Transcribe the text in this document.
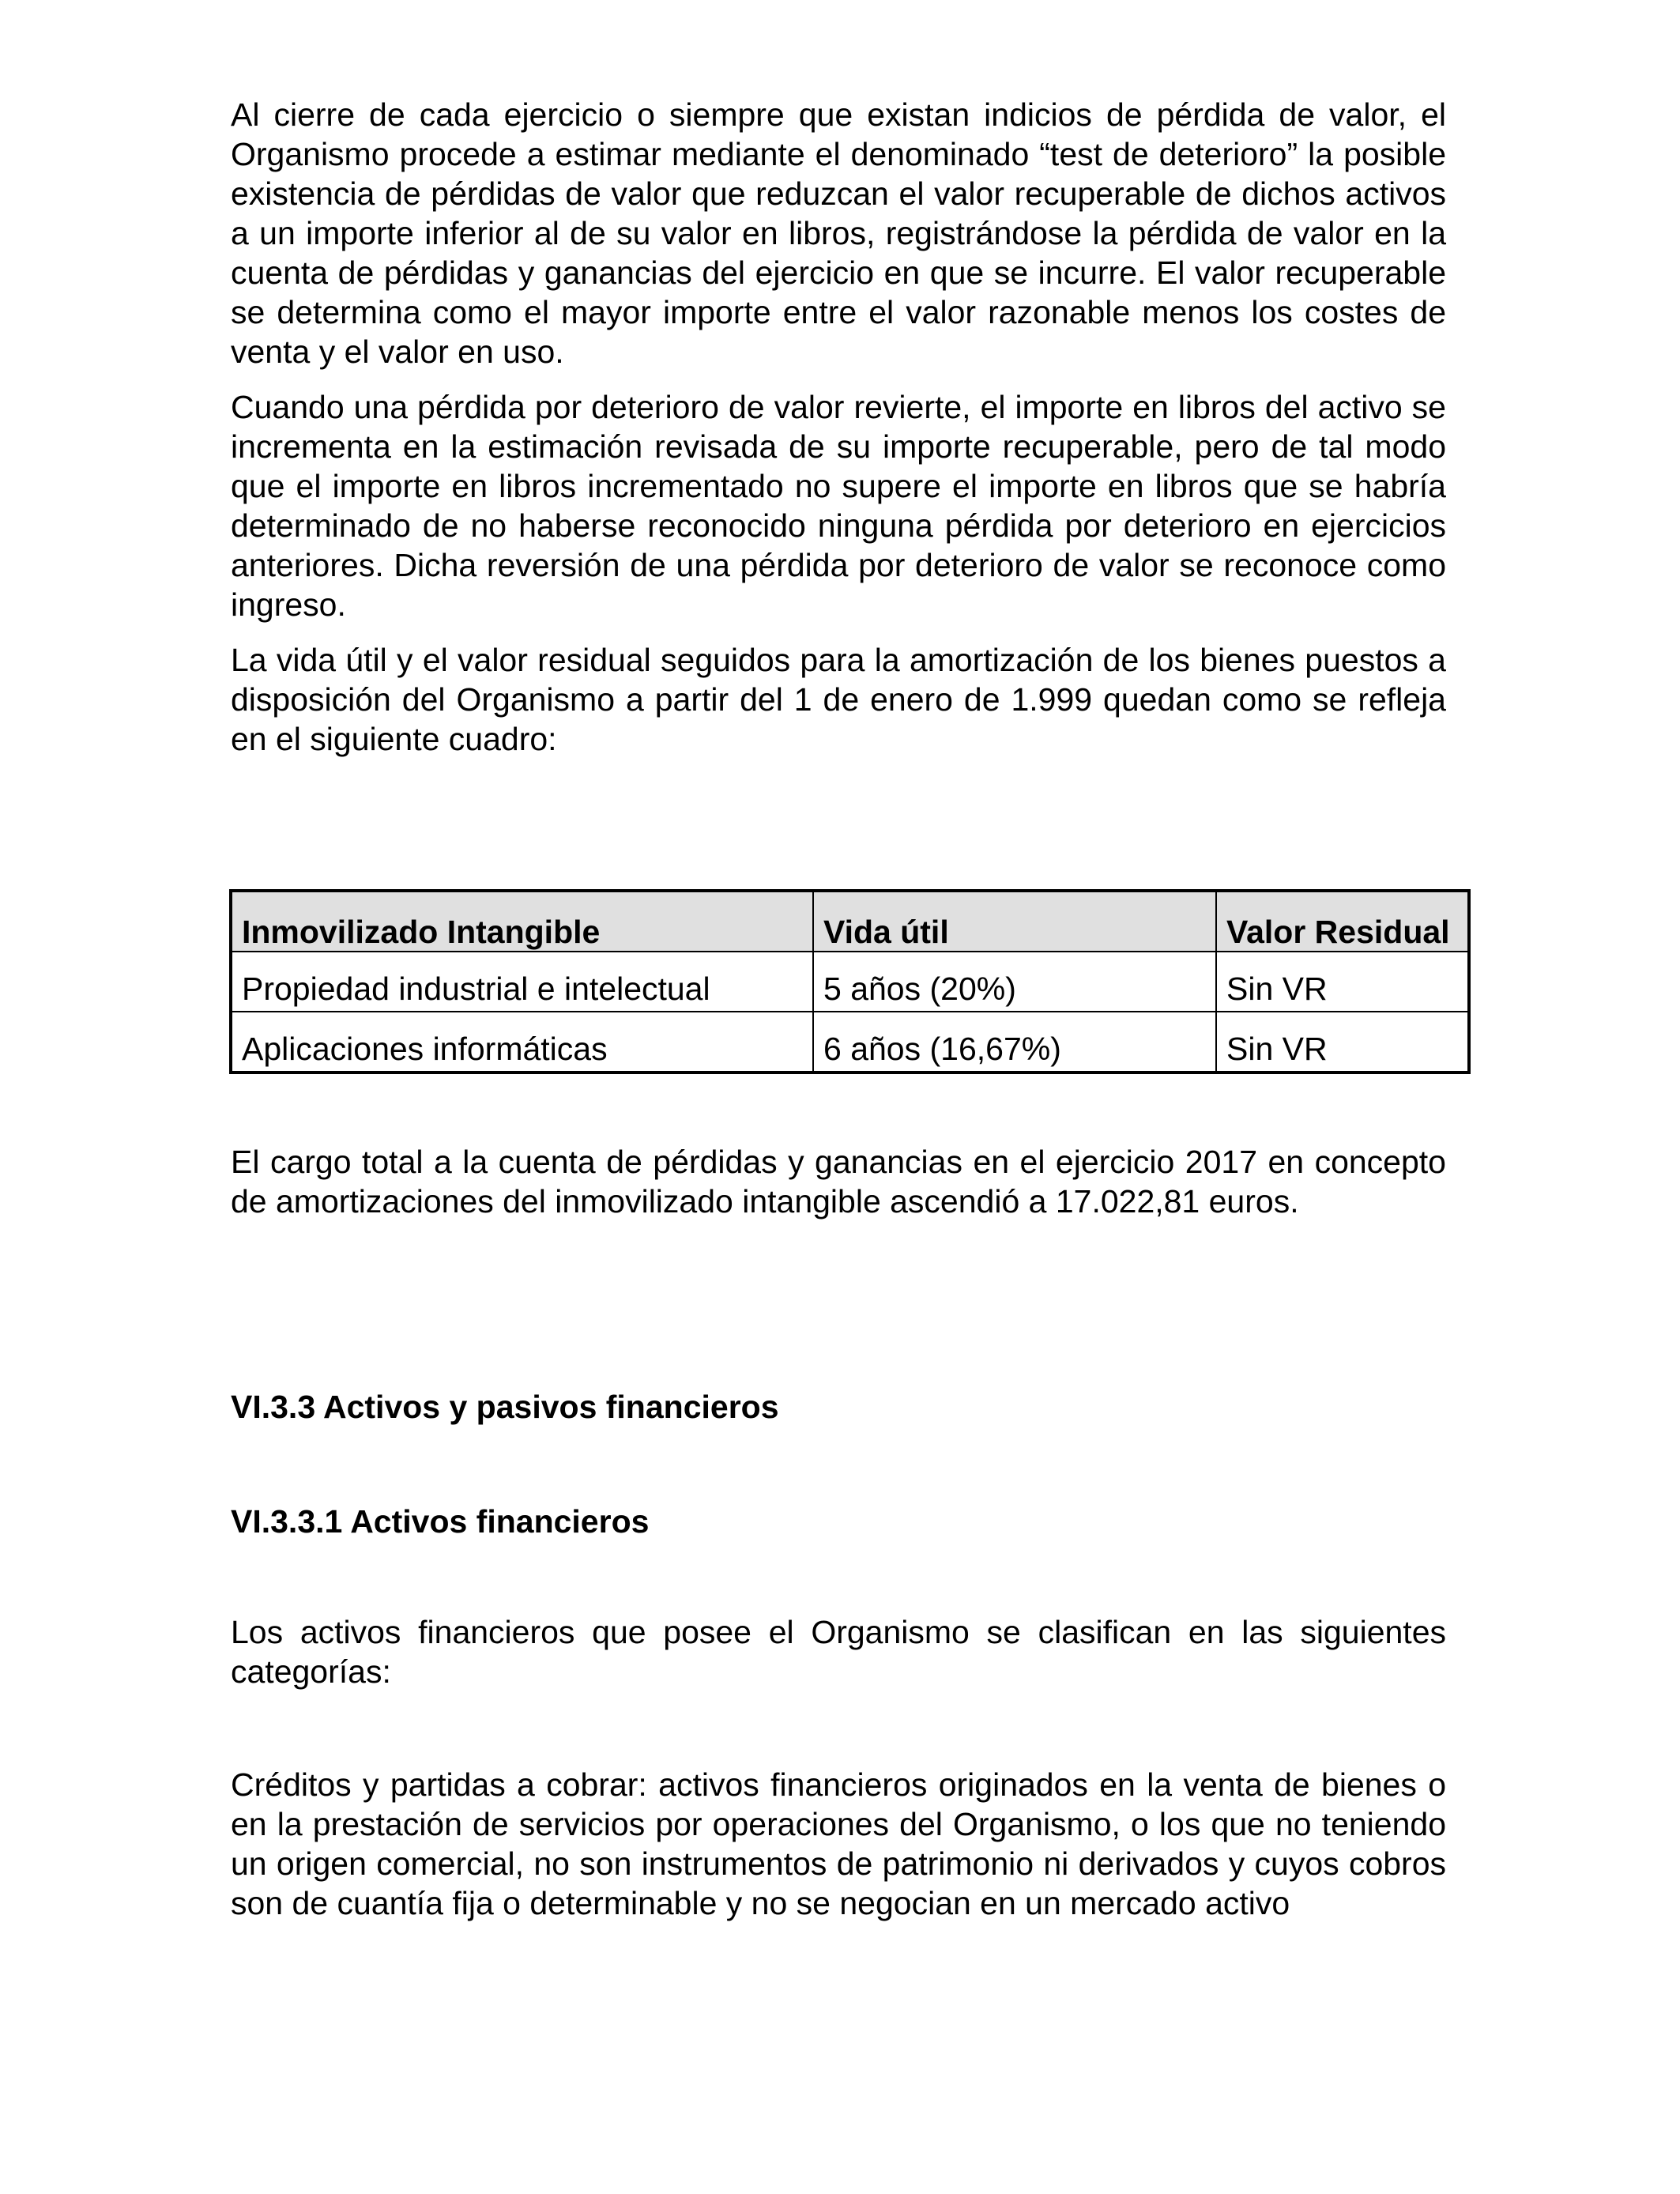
Al cierre de cada ejercicio o siempre que existan indicios de pérdida de valor, el Organismo procede a estimar mediante el denominado “test de deterioro” la posible existencia de pérdidas de valor que reduzcan el valor recuperable de dichos activos a un importe inferior al de su valor en libros, registrándose la pérdida de valor en la cuenta de pérdidas y ganancias del ejercicio en que se incurre. El valor recuperable se determina como el mayor importe entre el valor razonable menos los costes de venta y el valor en uso.

Cuando una pérdida por deterioro de valor revierte, el importe en libros del activo se incrementa en la estimación revisada de su importe recuperable, pero de tal modo que el importe en libros incrementado no supere el importe en libros que se habría determinado de no haberse reconocido ninguna pérdida por deterioro en ejercicios anteriores. Dicha reversión de una pérdida por deterioro de valor se reconoce como ingreso.

La vida útil y el valor residual seguidos para la amortización de los bienes puestos a disposición del Organismo a partir del 1 de enero de 1.999 quedan como se refleja en el siguiente cuadro:

Inmovilizado Intangible	Vida útil	Valor Residual
Propiedad industrial e intelectual	5 años (20%)	Sin VR
Aplicaciones informáticas	6 años (16,67%)	Sin VR

El cargo total a la cuenta de pérdidas y ganancias en el ejercicio 2017 en concepto de amortizaciones del inmovilizado intangible ascendió a 17.022,81 euros.

VI.3.3 Activos y pasivos financieros
VI.3.3.1 Activos financieros

Los activos financieros que posee el Organismo se clasifican en las siguientes categorías:

Créditos y partidas a cobrar: activos financieros originados en la venta de bienes o en la prestación de servicios por operaciones del Organismo, o los que no teniendo un origen comercial, no son instrumentos de patrimonio ni derivados y cuyos cobros son de cuantía fija o determinable y no se negocian en un mercado activo
